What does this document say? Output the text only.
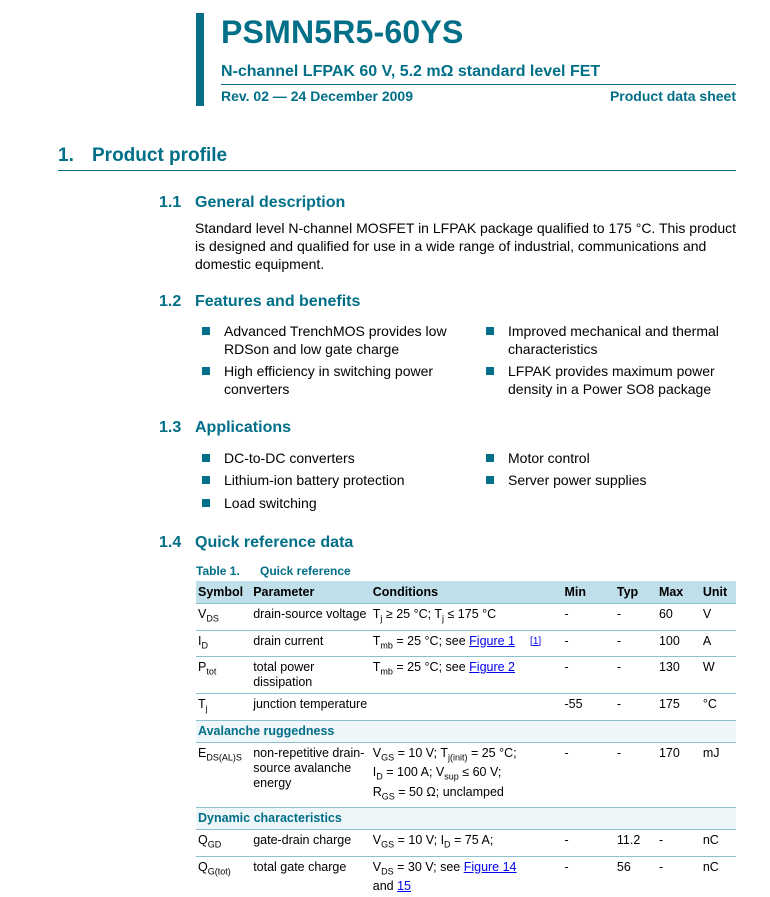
PSMN5R5-60YS
N-channel LFPAK 60 V, 5.2 mΩ standard level FET
Rev. 02 — 24 December 2009	Product data sheet
1. Product profile
1.1 General description
Standard level N-channel MOSFET in LFPAK package qualified to 175 °C. This product is designed and qualified for use in a wide range of industrial, communications and domestic equipment.
1.2 Features and benefits
Advanced TrenchMOS provides low RDSon and low gate charge
High efficiency in switching power converters
Improved mechanical and thermal characteristics
LFPAK provides maximum power density in a Power SO8 package
1.3 Applications
DC-to-DC converters
Lithium-ion battery protection
Load switching
Motor control
Server power supplies
1.4 Quick reference data
Table 1. Quick reference
Symbol	Parameter	Conditions		Min	Typ	Max	Unit
$V_{DS}$	drain-source voltage	$T_j \ge 25$ °C; $T_j \le 175$ °C		-	-	60	V
$I_D$	drain current	$T_{mb} = 25$ °C; see Figure 1	[1]	-	-	100	A
$P_{tot}$	total power dissipation	$T_{mb} = 25$ °C; see Figure 2		-	-	130	W
$T_j$	junction temperature			-55	-	175	°C
Avalanche ruggedness							
$E_{DS(AL)S}$	non-repetitive drain-source avalanche energy	$V_{GS} = 10$ V; $T_{j(init)} = 25$ °C;
$I_D = 100$ A; $V_{sup} \le 60$ V;
$R_{GS} = 50$ Ω; unclamped		-	-	170	mJ
Dynamic characteristics							
$Q_{GD}$	gate-drain charge	$V_{GS} = 10$ V; $I_D = 75$ A;		-	11.2	-	nC
$Q_{G(tot)}$	total gate charge	$V_{DS} = 30$ V; see Figure 14
and 15		-	56	-	nC
